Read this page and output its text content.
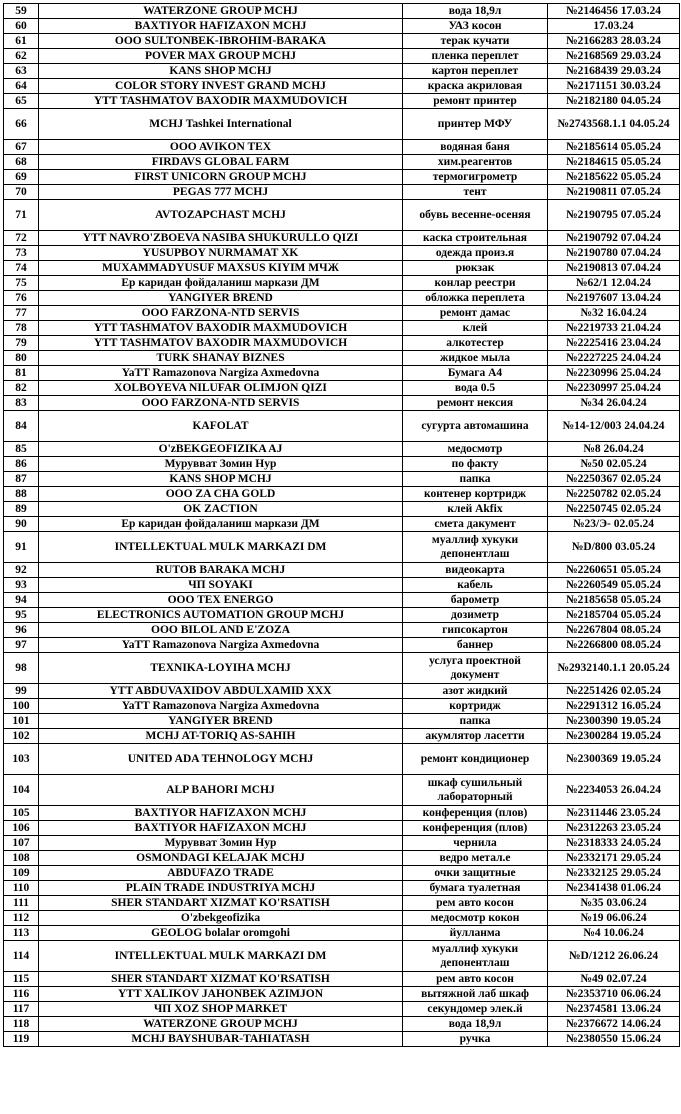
59	WATERZONE GROUP MCHJ	вода 18,9л	№2146456 17.03.24
60	BAXTIYOR HAFIZAXON MCHJ	УАЗ косон	17.03.24
61	OOO SULTONBEK-IBROHIM-BARAKA	терак кучати	№2166283 28.03.24
62	POVER MAX GROUP MCHJ	пленка переплет	№2168569 29.03.24
63	KANS SHOP MCHJ	картон переплет	№2168439 29.03.24
64	COLOR STORY INVEST GRAND MCHJ	краска акриловая	№2171151 30.03.24
65	YTT TASHMATOV BAXODIR MAXMUDOVICH	ремонт принтер	№2182180 04.05.24
66	MCHJ Tashkei International	принтер МФУ	№2743568.1.1 04.05.24
67	OOO AVIKON TEX	водяная баня	№2185614 05.05.24
68	FIRDAVS GLOBAL FARM	хим.реагентов	№2184615 05.05.24
69	FIRST UNICORN GROUP MCHJ	термогигрометр	№2185622 05.05.24
70	PEGAS 777 MCHJ	тент	№2190811 07.05.24
71	AVTOZAPCHAST MCHJ	обувь весенне-осеняя	№2190795 07.05.24
72	YTT NAVRO'ZBOEVA NASIBA SHUKURULLO QIZI	каска строительная	№2190792 07.04.24
73	YUSUPBOY NURMAMAT XK	одежда произ.я	№2190780 07.04.24
74	MUXAMMADYUSUF MAXSUS KIYIM МЧЖ	рюкзак	№2190813 07.04.24
75	Ер каридан фойдаланиш маркази ДМ	конлар реестри	№62/1 12.04.24
76	YANGIYER BREND	обложка переплета	№2197607 13.04.24
77	OOO FARZONA-NTD SERVIS	ремонт дамас	№32 16.04.24
78	YTT TASHMATOV BAXODIR MAXMUDOVICH	клей	№2219733 21.04.24
79	YTT TASHMATOV BAXODIR MAXMUDOVICH	алкотестер	№2225416 23.04.24
80	TURK SHANAY BIZNES	жидкое мыла	№2227225 24.04.24
81	YaTT Ramazonova Nargiza Axmedovna	Бумага А4	№2230996 25.04.24
82	XOLBOYEVA NILUFAR OLIMJON QIZI	вода 0.5	№2230997 25.04.24
83	OOO FARZONA-NTD SERVIS	ремонт нексия	№34 26.04.24
84	KAFOLAT	сугурта автомашина	№14-12/003 24.04.24
85	O'zBEKGEOFIZIKA AJ	медосмотр	№8 26.04.24
86	Муруввaт Зомин Нур	по факту	№50 02.05.24
87	KANS SHOP MCHJ	папка	№2250367 02.05.24
88	OOO ZA CHA GOLD	контенер кортридж	№2250782 02.05.24
89	OK ZACTION	клей Akfix	№2250745 02.05.24
90	Ер каридан фойдаланиш маркази ДМ	смета дакумент	№23/Э- 02.05.24
91	INTELLEKTUAL MULK MARKAZI DM	муаллиф хукуки депонентлаш	№D/800 03.05.24
92	RUTOB BARAKA MCHJ	видеокарта	№2260651 05.05.24
93	ЧП SOYAKI	кабель	№2260549 05.05.24
94	OOO TEX ENERGO	барометр	№2185658 05.05.24
95	ELECTRONICS AUTOMATION GROUP MCHJ	дозиметр	№2185704 05.05.24
96	OOO BILOL AND E'ZOZA	гипсокартон	№2267804 08.05.24
97	YaTT Ramazonova Nargiza Axmedovna	баннер	№2266800 08.05.24
98	TEXNIKA-LOYIHA MCHJ	услуга проектной документ	№2932140.1.1 20.05.24
99	YTT ABDUVAXIDOV ABDULXAMID XXX	азот жидкий	№2251426 02.05.24
100	YaTT Ramazonova Nargiza Axmedovna	кортридж	№2291312 16.05.24
101	YANGIYER BREND	папка	№2300390 19.05.24
102	MCHJ AT-TORIQ AS-SAHIH	акумлятор ласетти	№2300284 19.05.24
103	UNITED ADA TEHNOLOGY MCHJ	ремонт кондиционер	№2300369 19.05.24
104	ALP BAHORI MCHJ	шкаф сушильный лабораторный	№2234053 26.04.24
105	BAXTIYOR HAFIZAXON MCHJ	конференция (плов)	№2311446 23.05.24
106	BAXTIYOR HAFIZAXON MCHJ	конференция (плов)	№2312263 23.05.24
107	Муруввaт Зомин Нур	чернила	№2318333 24.05.24
108	OSMONDAGI KELAJAK MCHJ	ведро метал.е	№2332171 29.05.24
109	ABDUFAZO TRADE	очки защитные	№2332125 29.05.24
110	PLAIN TRADE INDUSTRIYA MCHJ	бумага туалетная	№2341438 01.06.24
111	SHER STANDART XIZMAT KO'RSATISH	рем авто косон	№35 03.06.24
112	O'zbekgeofizika	медосмотр кокон	№19 06.06.24
113	GEOLOG bolalar oromgohi	йулланма	№4 10.06.24
114	INTELLEKTUAL MULK MARKAZI DM	муаллиф хукуки депонентлаш	№D/1212 26.06.24
115	SHER STANDART XIZMAT KO'RSATISH	рем авто косон	№49 02.07.24
116	YTT XALIKOV JAHONBEK AZIMJON	вытяжной лаб шкаф	№2353710 06.06.24
117	ЧП XOZ SHOP MARKET	секундомер элек.й	№2374581 13.06.24
118	WATERZONE GROUP MCHJ	вода 18,9л	№2376672 14.06.24
119	MCHJ BAYSHUBAR-TAHIATASH	ручка	№2380550 15.06.24
